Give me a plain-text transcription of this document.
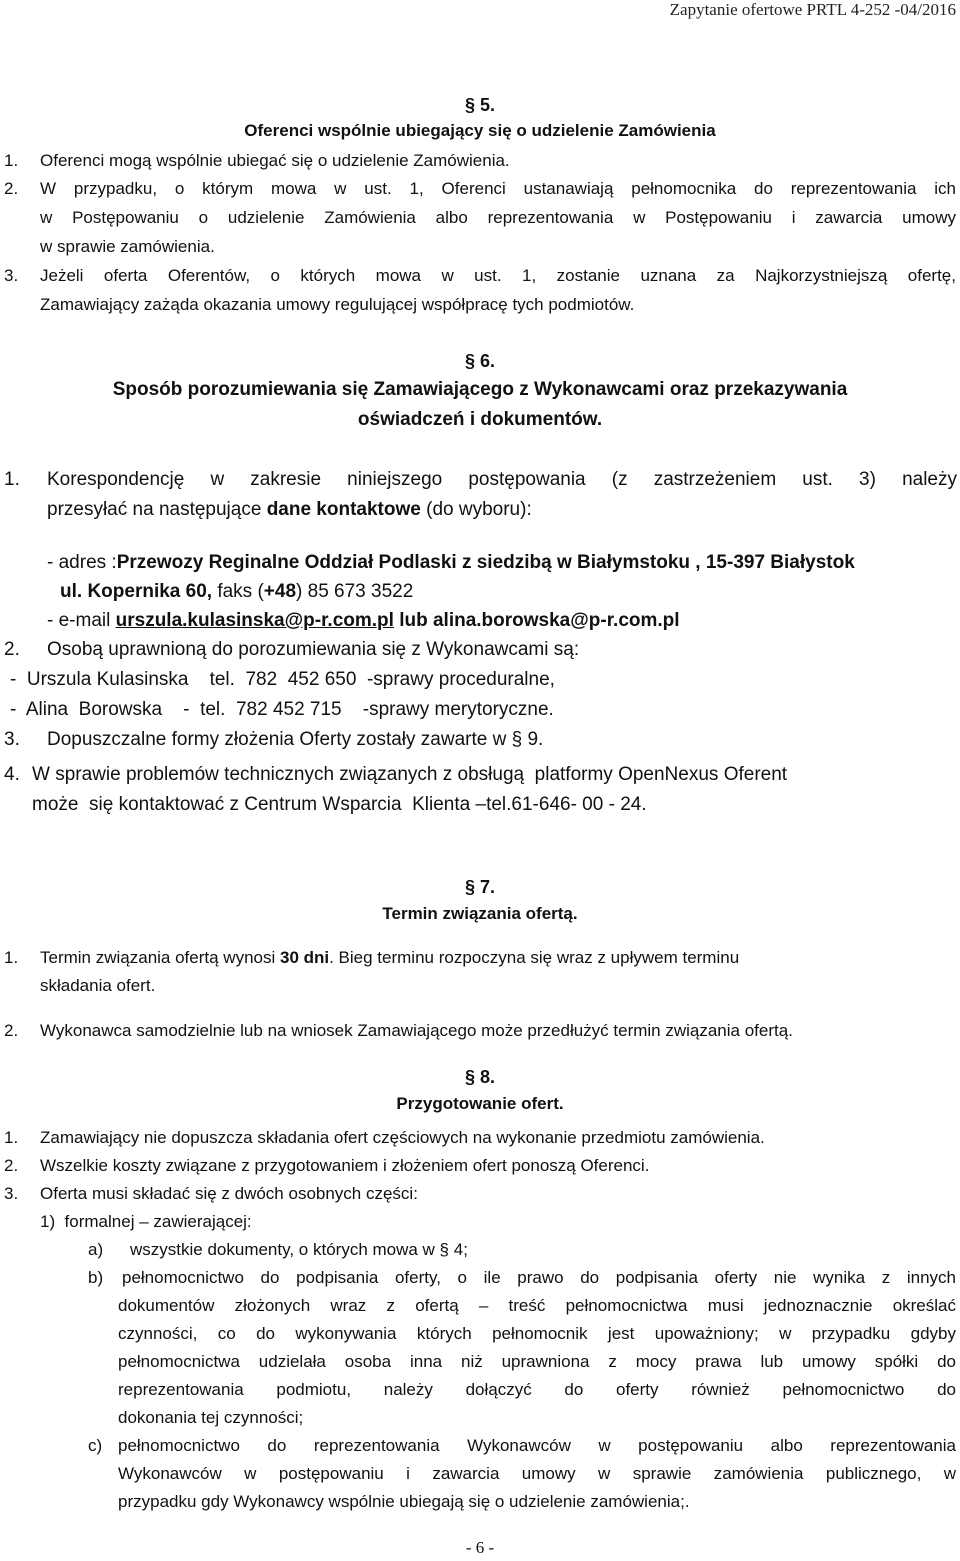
Zapytanie ofertowe PRTL 4-252 -04/2016
§ 5.
Oferenci wspólnie ubiegający się o udzielenie Zamówienia
1. Oferenci mogą wspólnie ubiegać się o udzielenie Zamówienia.
2. W przypadku, o którym mowa w ust. 1, Oferenci ustanawiają pełnomocnika do reprezentowania ich
w Postępowaniu o udzielenie Zamówienia albo reprezentowania w Postępowaniu i zawarcia umowy
w sprawie zamówienia.
3. Jeżeli oferta Oferentów, o których mowa w ust. 1, zostanie uznana za Najkorzystniejszą ofertę,
Zamawiający zażąda okazania umowy regulującej współpracę tych podmiotów.
§ 6.
Sposób porozumiewania się Zamawiającego z Wykonawcami oraz przekazywania
oświadczeń i dokumentów.
1. Korespondencję w zakresie niniejszego postępowania (z zastrzeżeniem ust. 3) należy
przesyłać na następujące dane kontaktowe (do wyboru):
- adres :Przewozy Reginalne Oddział Podlaski z siedzibą w Białymstoku , 15-397 Białystok
ul. Kopernika 60, faks (+48) 85 673 3522
- e-mail urszula.kulasinska@p-r.com.pl lub alina.borowska@p-r.com.pl
2. Osobą uprawnioną do porozumiewania się z Wykonawcami są:
-  Urszula Kulasinska    tel.  782  452 650  -sprawy proceduralne,
-  Alina  Borowska    -  tel.  782 452 715    -sprawy merytoryczne.
3. Dopuszczalne formy złożenia Oferty zostały zawarte w § 9.
4. W sprawie problemów technicznych związanych z obsługą  platformy OpenNexus Oferent
może  się kontaktować z Centrum Wsparcia  Klienta –tel.61-646- 00 - 24.
§ 7.
Termin związania ofertą.
1. Termin związania ofertą wynosi 30 dni. Bieg terminu rozpoczyna się wraz z upływem terminu
składania ofert.
2. Wykonawca samodzielnie lub na wniosek Zamawiającego może przedłużyć termin związania ofertą.
§ 8.
Przygotowanie ofert.
1. Zamawiający nie dopuszcza składania ofert częściowych na wykonanie przedmiotu zamówienia.
2. Wszelkie koszty związane z przygotowaniem i złożeniem ofert ponoszą Oferenci.
3. Oferta musi składać się z dwóch osobnych części:
1)  formalnej – zawierającej:
a) wszystkie dokumenty, o których mowa w § 4;
b) pełnomocnictwo do podpisania oferty, o ile prawo do podpisania oferty nie wynika z innych
dokumentów złożonych wraz z ofertą – treść pełnomocnictwa musi jednoznacznie określać
czynności, co do wykonywania których pełnomocnik jest upoważniony; w przypadku gdyby
pełnomocnictwa udzielała osoba inna niż uprawniona z mocy prawa lub umowy spółki do
reprezentowania podmiotu, należy dołączyć do oferty również pełnomocnictwo do
dokonania tej czynności;
c) pełnomocnictwo do reprezentowania Wykonawców w postępowaniu albo reprezentowania
Wykonawców w postępowaniu i zawarcia umowy w sprawie zamówienia publicznego, w
przypadku gdy Wykonawcy wspólnie ubiegają się o udzielenie zamówienia;.
- 6 -
